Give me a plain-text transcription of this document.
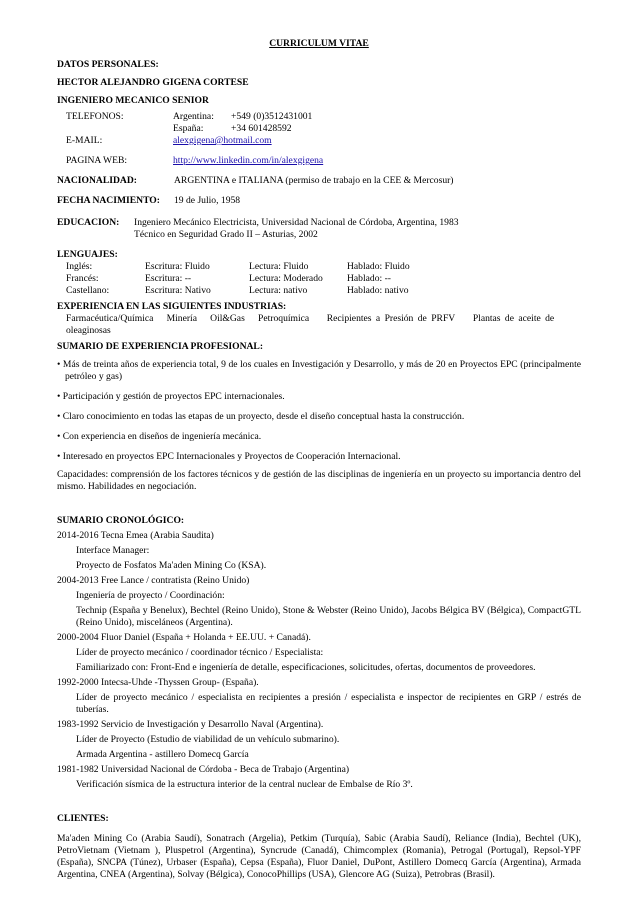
CURRICULUM VITAE
DATOS PERSONALES:
HECTOR ALEJANDRO GIGENA CORTESE
INGENIERO MECANICO SENIOR
TELEFONOS:	Argentina:	+549 (0)3512431001
España:	+34 601428592
E-MAIL:	alexgigena@hotmail.com
PAGINA WEB:	http://www.linkedin.com/in/alexgigena
NACIONALIDAD:	ARGENTINA e ITALIANA (permiso de trabajo en la CEE & Mercosur)
FECHA NACIMIENTO:	19 de Julio, 1958
EDUCACION:	Ingeniero Mecánico Electricista, Universidad Nacional de Córdoba, Argentina, 1983
Técnico en Seguridad Grado II – Asturias, 2002
LENGUAJES:
Inglés:	Escritura: Fluido	Lectura: Fluido	Hablado: Fluido
Francés:	Escritura: --	Lectura: Moderado	Hablado: --
Castellano:	Escritura: Nativo	Lectura: nativo	Hablado: nativo
EXPERIENCIA EN LAS SIGUIENTES INDUSTRIAS:
Farmacéutica/Química Minería Oil&Gas Petroquímica Recipientes a Presión de PRFV Plantas de aceite de oleaginosas
SUMARIO DE EXPERIENCIA PROFESIONAL:
• Más de treinta años de experiencia total, 9 de los cuales en Investigación y Desarrollo, y más de 20 en Proyectos EPC (principalmente petróleo y gas)
• Participación y gestión de proyectos EPC internacionales.
• Claro conocimiento en todas las etapas de un proyecto, desde el diseño conceptual hasta la construcción.
• Con experiencia en diseños de ingeniería mecánica.
• Interesado en proyectos EPC Internacionales y Proyectos de Cooperación Internacional.
Capacidades: comprensión de los factores técnicos y de gestión de las disciplinas de ingeniería en un proyecto su importancia dentro del mismo. Habilidades en negociación.
SUMARIO CRONOLÓGICO:
2014-2016 Tecna Emea (Arabia Saudita)
Interface Manager:
Proyecto de Fosfatos Ma'aden Mining Co (KSA).
2004-2013 Free Lance / contratista (Reino Unido)
Ingeniería de proyecto / Coordinación:
Technip (España y Benelux), Bechtel (Reino Unido), Stone & Webster (Reino Unido), Jacobs Bélgica BV (Bélgica), CompactGTL (Reino Unido), misceláneos (Argentina).
2000-2004 Fluor Daniel (España + Holanda + EE.UU. + Canadá).
Líder de proyecto mecánico / coordinador técnico / Especialista:
Familiarizado con: Front-End e ingeniería de detalle, especificaciones, solicitudes, ofertas, documentos de proveedores.
1992-2000 Intecsa-Uhde -Thyssen Group- (España).
Líder de proyecto mecánico / especialista en recipientes a presión / especialista e inspector de recipientes en GRP / estrés de tuberías.
1983-1992 Servicio de Investigación y Desarrollo Naval (Argentina).
Líder de Proyecto (Estudio de viabilidad de un vehículo submarino).
Armada Argentina - astillero Domecq García
1981-1982 Universidad Nacional de Córdoba - Beca de Trabajo (Argentina)
Verificación sísmica de la estructura interior de la central nuclear de Embalse de Río 3º.
CLIENTES:
Ma'aden Mining Co (Arabia Saudí), Sonatrach (Argelia), Petkim (Turquía), Sabic (Arabia Saudí), Reliance (India), Bechtel (UK), PetroVietnam (Vietnam ), Pluspetrol (Argentina), Syncrude (Canadá), Chimcomplex (Romania), Petrogal (Portugal), Repsol-YPF (España), SNCPA (Túnez), Urbaser (España), Cepsa (España), Fluor Daniel, DuPont, Astillero Domecq García (Argentina), Armada Argentina, CNEA (Argentina), Solvay (Bélgica), ConocoPhillips (USA), Glencore AG (Suiza), Petrobras (Brasil).
